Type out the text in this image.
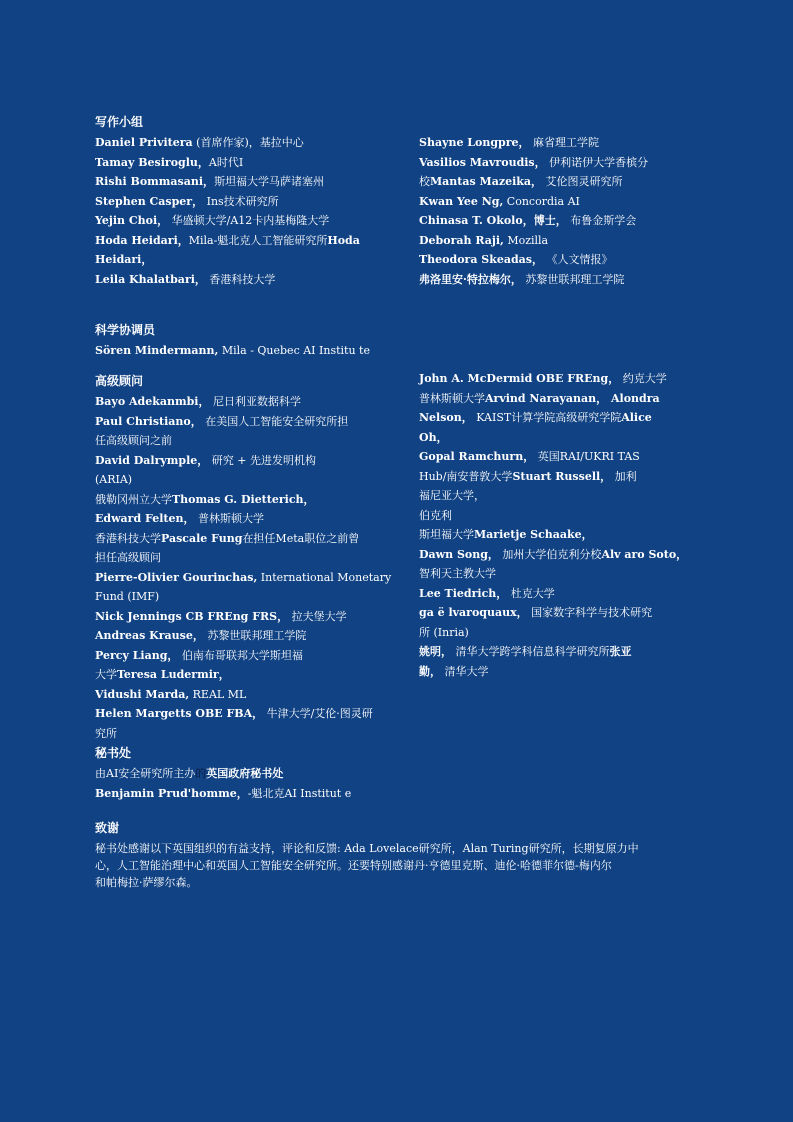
写作小组
Daniel Privitera (首席作家)，基拉中心
Tamay Besiroglu，A时代I
Rishi Bommasani，斯坦福大学马萨诸塞州
Stephen Casper， Ins技术研究所
Yejin Choi， 华盛顿大学/A12卡内基梅隆大学
Hoda Heidari，Mila-魁北克人工智能研究所Hoda
Heidari，
Leila Khalatbari， 香港科技大学
Shayne Longpre， 麻省理工学院
Vasilios Mavroudis， 伊利诺伊大学香槟分
校Mantas Mazeika， 艾伦图灵研究所
Kwan Yee Ng, Concordia AI
Chinasa T. Okolo，博士， 布鲁金斯学会
Deborah Raji, Mozilla
Theodora Skeadas， 《人文情报》
弗洛里安·特拉梅尔， 苏黎世联邦理工学院
科学协调员
Sören Mindermann, Mila - Quebec AI Institu te
高级顾问
Bayo Adekanmbi， 尼日利亚数据科学
Paul Christiano， 在美国人工智能安全研究所担
任高级顾问之前
David Dalrymple， 研究 + 先进发明机构
(ARIA)
俄勒冈州立大学Thomas G. Dietterich，
Edward Felten， 普林斯顿大学
香港科技大学Pascale Fung在担任Meta职位之前曾
担任高级顾问
Pierre-Olivier Gourinchas, International Monetary
Fund (IMF)
Nick Jennings CB FREng FRS， 拉夫堡大学
Andreas Krause， 苏黎世联邦理工学院
Percy Liang， 伯南布哥联邦大学斯坦福
大学Teresa Ludermir，
Vidushi Marda, REAL ML
Helen Margetts OBE FBA， 牛津大学/艾伦·图灵研
究所
John A. McDermid OBE FREng， 约克大学
普林斯顿大学Arvind Narayanan， Alondra
Nelson， KAIST计算学院高级研究学院Alice
Oh，
Gopal Ramchurn， 英国RAI/UKRI TAS
Hub/南安普敦大学Stuart Russell， 加利
福尼亚大学，
伯克利
斯坦福大学Marietje Schaake，
Dawn Song， 加州大学伯克利分校Alv aro Soto，
智利天主教大学
Lee Tiedrich， 杜克大学
ga ë lvaroquaux， 国家数字科学与技术研究
所 (Inria)
姚明， 清华大学跨学科信息科学研究所张亚
勤， 清华大学
秘书处
由AI安全研究所主办的英国政府秘书处
Benjamin Prud'homme，-魁北克AI Institut e
致谢
秘书处感谢以下英国组织的有益支持，评论和反馈: Ada Lovelace研究所，Alan Turing研究所，长期复原力中
心，人工智能治理中心和英国人工智能安全研究所。还要特别感谢丹·亨德里克斯、迪伦·哈德菲尔德-梅内尔
和帕梅拉·萨缪尔森。
